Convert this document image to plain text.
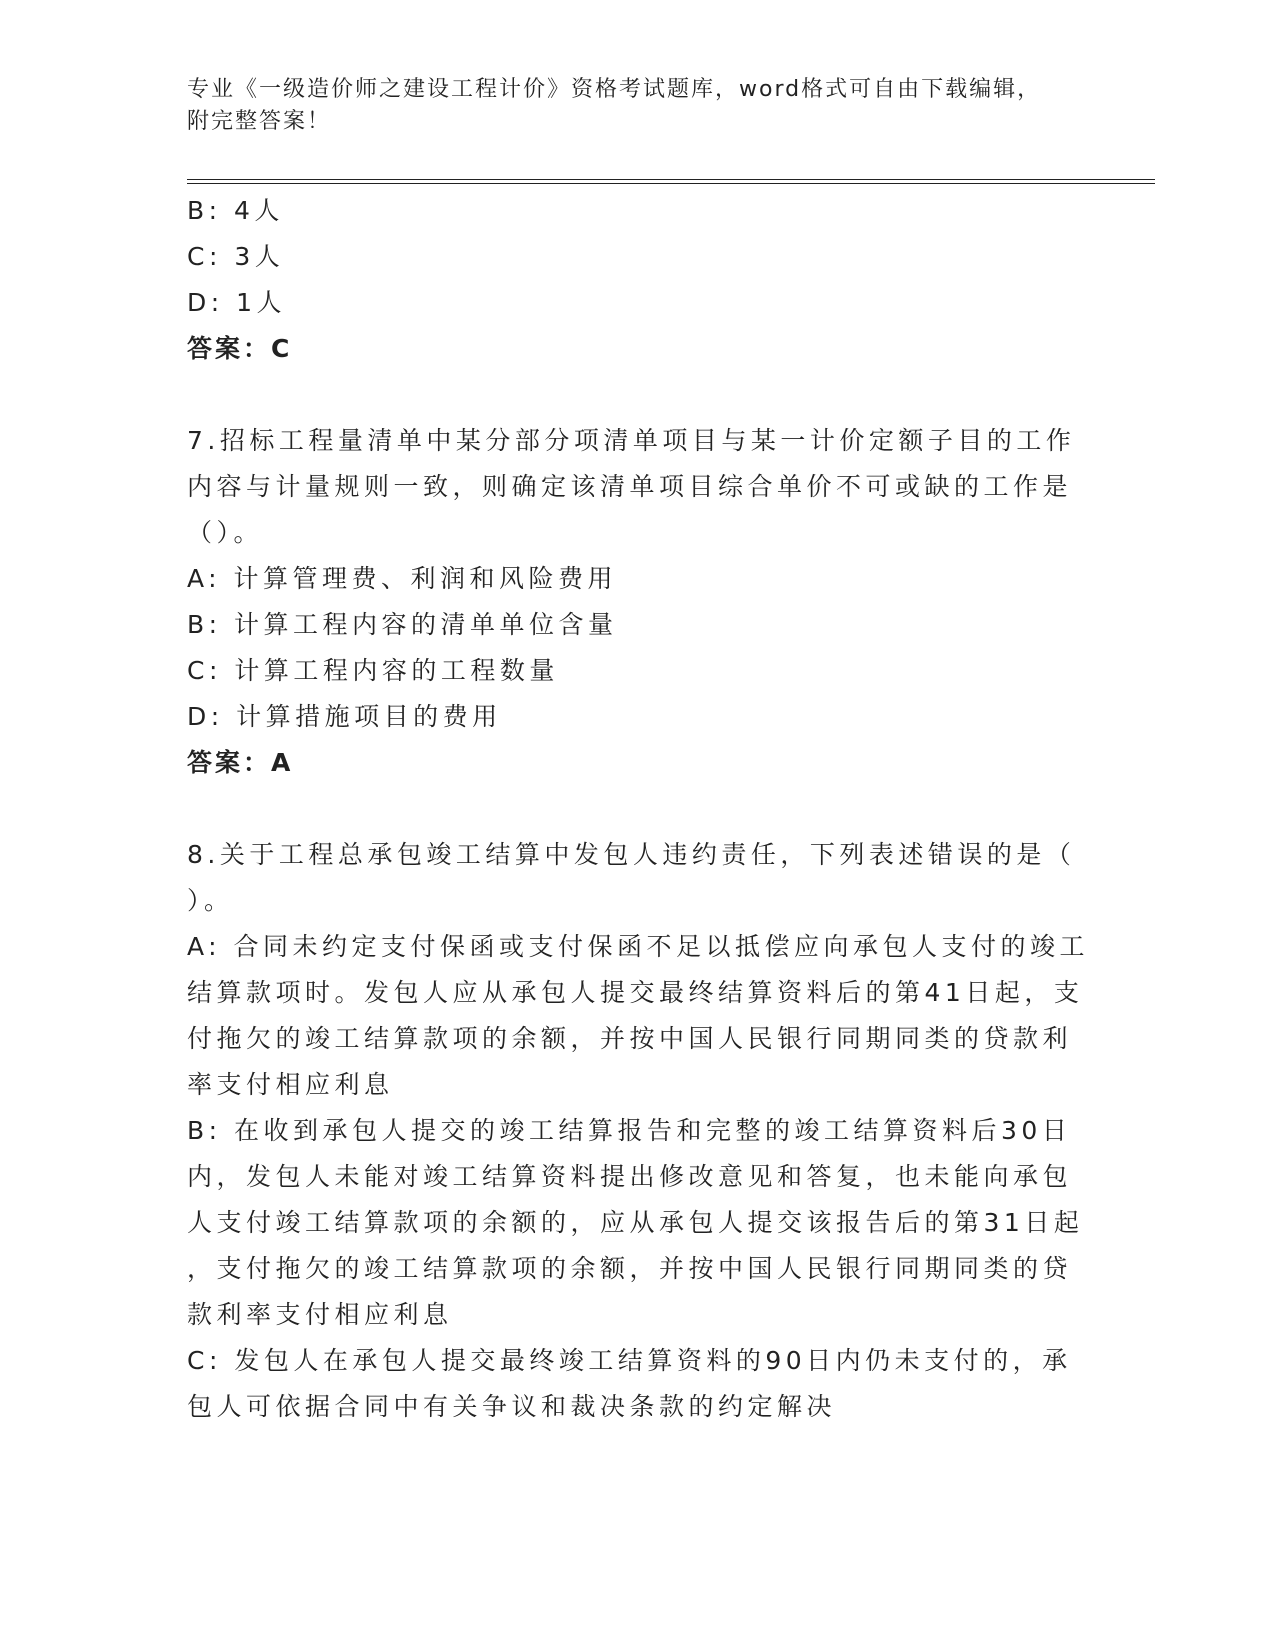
专业《一级造价师之建设工程计价》资格考试题库，word格式可自由下载编辑，
附完整答案！
B: 4人
C: 3人
D: 1人
答案：C
7.招标工程量清单中某分部分项清单项目与某一计价定额子目的工作
内容与计量规则一致，则确定该清单项目综合单价不可或缺的工作是
（）。
A: 计算管理费、利润和风险费用
B: 计算工程内容的清单单位含量
C: 计算工程内容的工程数量
D: 计算措施项目的费用
答案：A
8.关于工程总承包竣工结算中发包人违约责任，下列表述错误的是（
）。
A: 合同未约定支付保函或支付保函不足以抵偿应向承包人支付的竣工
结算款项时。发包人应从承包人提交最终结算资料后的第41日起，支
付拖欠的竣工结算款项的余额，并按中国人民银行同期同类的贷款利
率支付相应利息
B: 在收到承包人提交的竣工结算报告和完整的竣工结算资料后30日
内，发包人未能对竣工结算资料提出修改意见和答复，也未能向承包
人支付竣工结算款项的余额的，应从承包人提交该报告后的第31日起
，支付拖欠的竣工结算款项的余额，并按中国人民银行同期同类的贷
款利率支付相应利息
C: 发包人在承包人提交最终竣工结算资料的90日内仍未支付的，承
包人可依据合同中有关争议和裁决条款的约定解决
